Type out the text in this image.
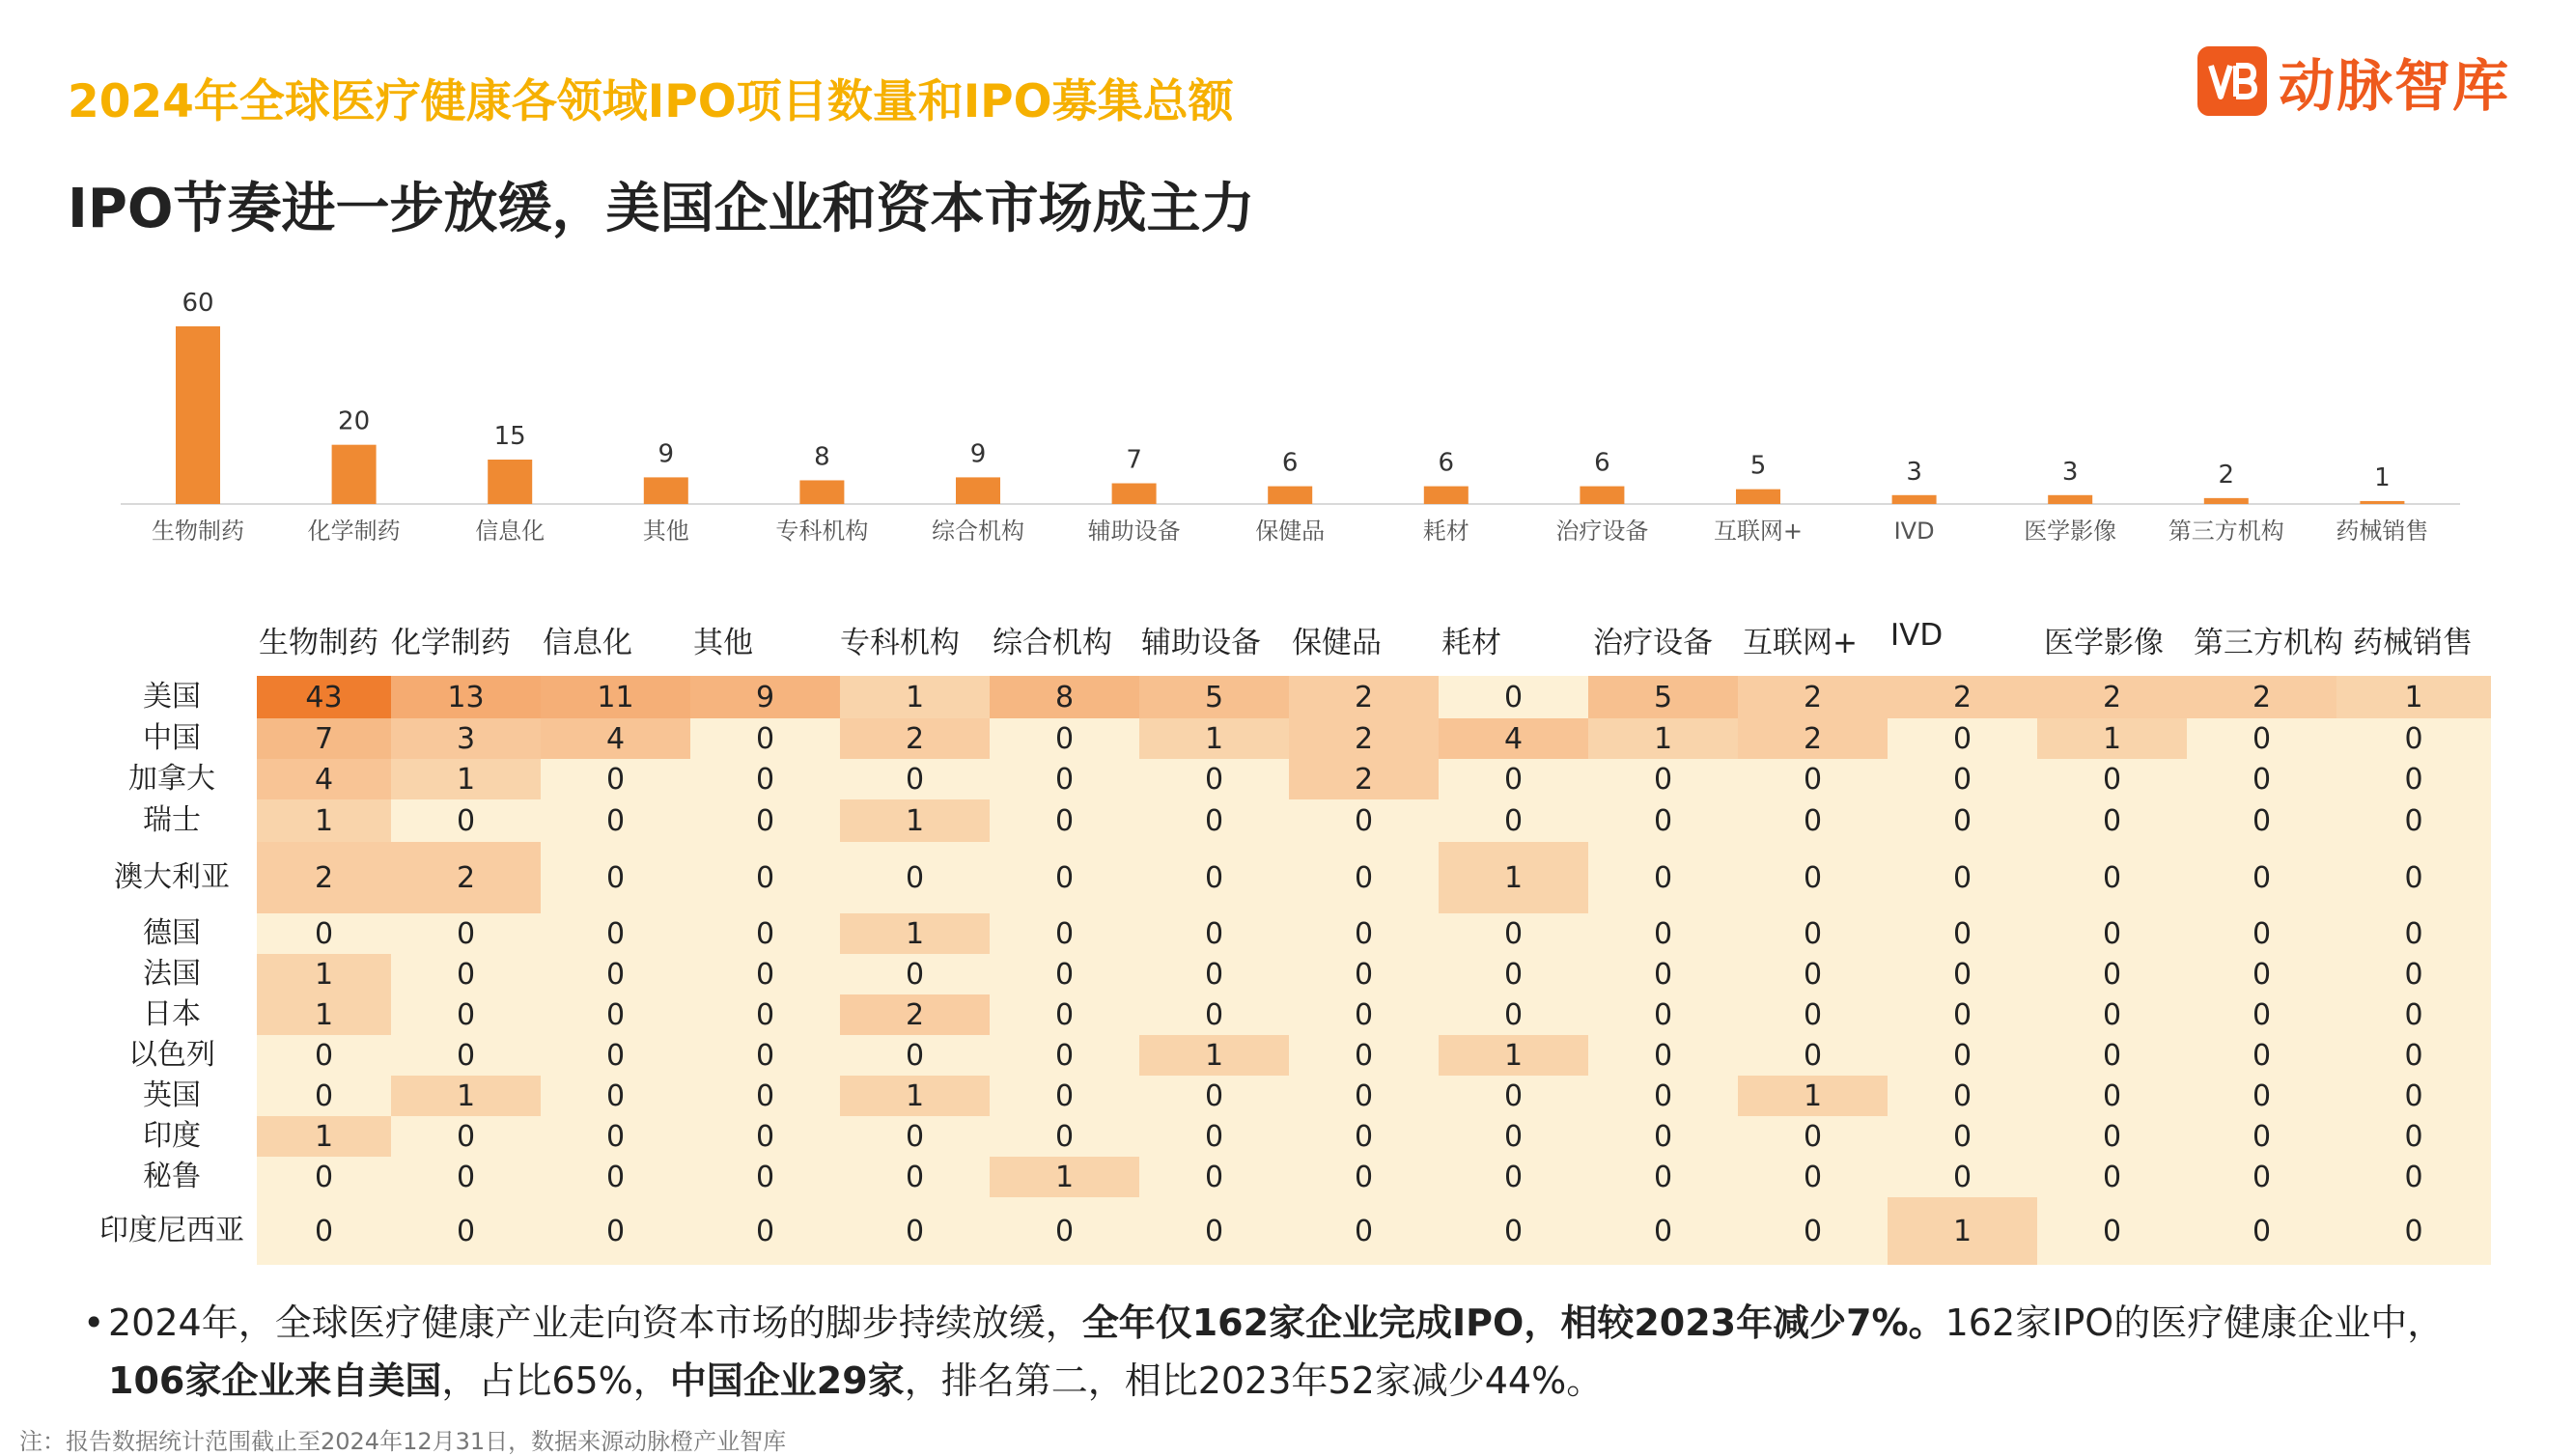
2024年全球医疗健康各领域IPO项目数量和IPO募集总额
IPO节奏进一步放缓，美国企业和资本市场成主力
动脉智库
60
生物制药
20
化学制药
15
信息化
9
其他
8
专科机构
9
综合机构
7
辅助设备
6
保健品
6
耗材
6
治疗设备
5
互联网+
3
IVD
3
医学影像
2
第三方机构
1
药械销售
生物制药 化学制药 信息化 其他	专科机构 综合机构 辅助设备 保健品 耗材	治疗设备 互联网+ IVD	医学影像 第三方机构 药械销售
美国	43	13	11	9	1	8	5	2	0	5	2	2	2	2	1
中国	7	3	4	0	2	0	1	2	4	1	2	0	1	0	0
加拿大	4	1	0	0	0	0	0	2	0	0	0	0	0	0	0
瑞士	1	0	0	0	1	0	0	0	0	0	0	0	0	0	0
澳大利亚	2	2	0	0	0	0	0	0	1	0	0	0	0	0	0
德国	0	0	0	0	1	0	0	0	0	0	0	0	0	0	0
法国	1	0	0	0	0	0	0	0	0	0	0	0	0	0	0
日本	1	0	0	0	2	0	0	0	0	0	0	0	0	0	0
以色列	0	0	0	0	0	0	1	0	1	0	0	0	0	0	0
英国	0	1	0	0	1	0	0	0	0	0	1	0	0	0	0
印度	1	0	0	0	0	0	0	0	0	0	0	0	0	0	0
秘鲁	0	0	0	0	0	1	0	0	0	0	0	0	0	0	0
印度尼西亚	0	0	0	0	0	0	0	0	0	0	0	1	0	0	0
• 2024年，全球医疗健康产业走向资本市场的脚步持续放缓，全年仅162家企业完成IPO，相较2023年减少7%。162家IPO的医疗健康企业中，
106家企业来自美国，占比65%，中国企业29家，排名第二，相比2023年52家减少44%。
注：报告数据统计范围截止至2024年12月31日，数据来源动脉橙产业智库
